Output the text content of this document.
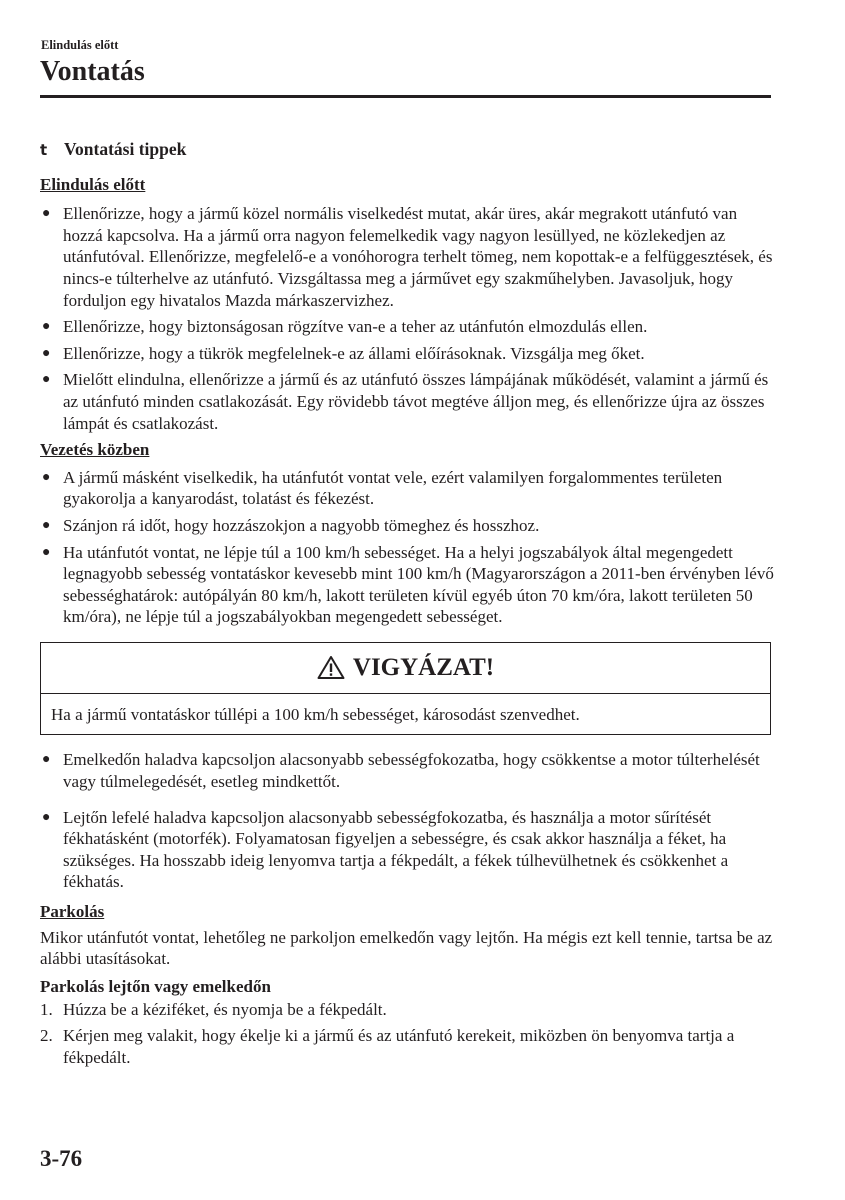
Elindulás előtt
Vontatás
t Vontatási tippek
Elindulás előtt
● Ellenőrizze, hogy a jármű közel normális viselkedést mutat, akár üres, akár megrakott utánfutó van hozzá kapcsolva. Ha a jármű orra nagyon felemelkedik vagy nagyon lesüllyed, ne közlekedjen az utánfutóval. Ellenőrizze, megfelelő-e a vonóhorogra terhelt tömeg, nem kopottak-e a felfüggesztések, és nincs-e túlterhelve az utánfutó. Vizsgáltassa meg a járművet egy szakműhelyben. Javasoljuk, hogy forduljon egy hivatalos Mazda márkaszervizhez.
● Ellenőrizze, hogy biztonságosan rögzítve van-e a teher az utánfutón elmozdulás ellen.
● Ellenőrizze, hogy a tükrök megfelelnek-e az állami előírásoknak. Vizsgálja meg őket.
● Mielőtt elindulna, ellenőrizze a jármű és az utánfutó összes lámpájának működését, valamint a jármű és az utánfutó minden csatlakozását. Egy rövidebb távot megtéve álljon meg, és ellenőrizze újra az összes lámpát és csatlakozást.
Vezetés közben
● A jármű másként viselkedik, ha utánfutót vontat vele, ezért valamilyen forgalommentes területen gyakorolja a kanyarodást, tolatást és fékezést.
● Szánjon rá időt, hogy hozzászokjon a nagyobb tömeghez és hosszhoz.
● Ha utánfutót vontat, ne lépje túl a 100 km/h sebességet. Ha a helyi jogszabályok által megengedett legnagyobb sebesség vontatáskor kevesebb mint 100 km/h (Magyarországon a 2011-ben érvényben lévő sebességhatárok: autópályán 80 km/h, lakott területen kívül egyéb úton 70 km/óra, lakott területen 50 km/óra), ne lépje túl a jogszabályokban megengedett sebességet.
VIGYÁZAT!
Ha a jármű vontatáskor túllépi a 100 km/h sebességet, károsodást szenvedhet.
● Emelkedőn haladva kapcsoljon alacsonyabb sebességfokozatba, hogy csökkentse a motor túlterhelését vagy túlmelegedését, esetleg mindkettőt.
● Lejtőn lefelé haladva kapcsoljon alacsonyabb sebességfokozatba, és használja a motor sűrítését fékhatásként (motorfék). Folyamatosan figyeljen a sebességre, és csak akkor használja a féket, ha szükséges. Ha hosszabb ideig lenyomva tartja a fékpedált, a fékek túlhevülhetnek és csökkenhet a fékhatás.
Parkolás
Mikor utánfutót vontat, lehetőleg ne parkoljon emelkedőn vagy lejtőn. Ha mégis ezt kell tennie, tartsa be az alábbi utasításokat.
Parkolás lejtőn vagy emelkedőn
1. Húzza be a kéziféket, és nyomja be a fékpedált.
2. Kérjen meg valakit, hogy ékelje ki a jármű és az utánfutó kerekeit, miközben ön benyomva tartja a fékpedált.
3-76
